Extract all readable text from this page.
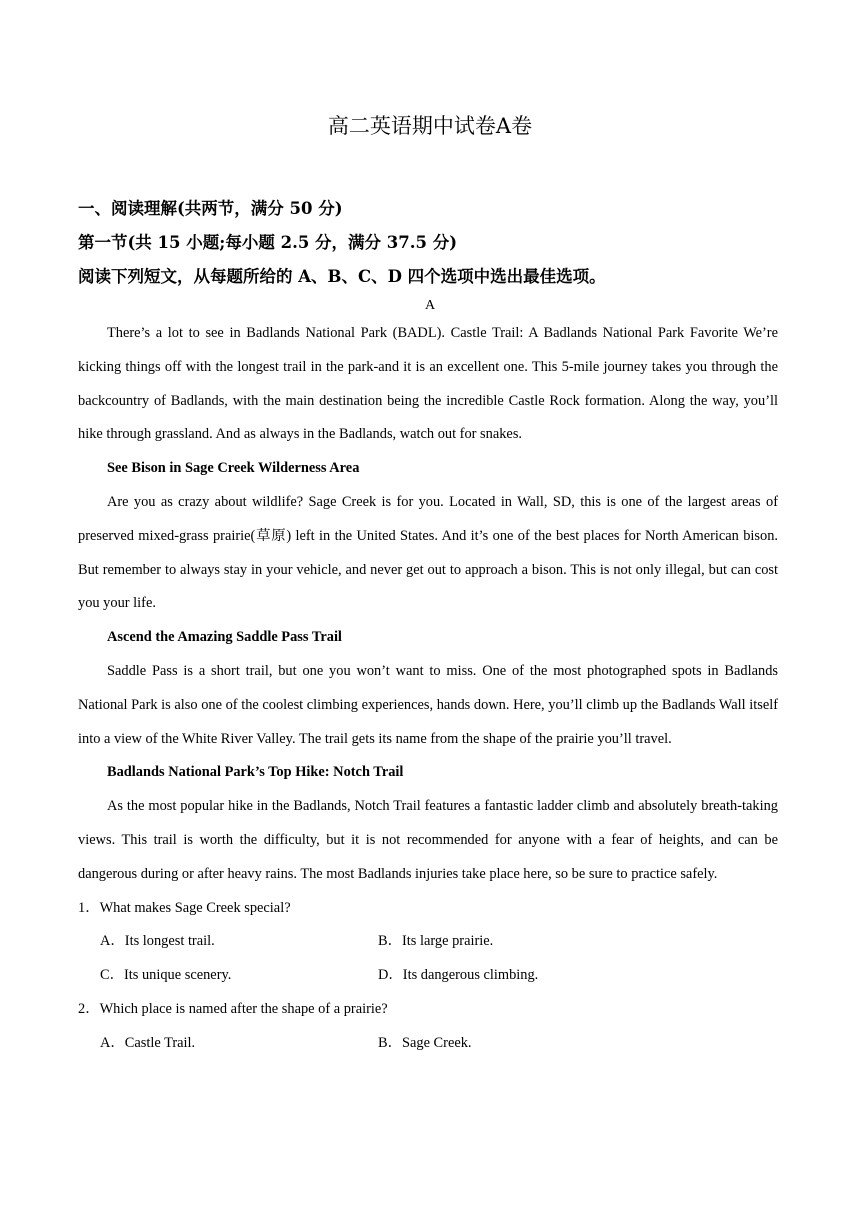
高二英语期中试卷A卷
一、阅读理解(共两节，满分 50 分)
第一节(共 15 小题;每小题 2.5 分，满分 37.5 分)
阅读下列短文，从每题所给的 A、B、C、D 四个选项中选出最佳选项。
A

There’s a lot to see in Badlands National Park (BADL). Castle Trail: A Badlands National Park Favorite We’re kicking things off with the longest trail in the park-and it is an excellent one. This 5-mile journey takes you through the backcountry of Badlands, with the main destination being the incredible Castle Rock formation. Along the way, you’ll hike through grassland. And as always in the Badlands, watch out for snakes.

See Bison in Sage Creek Wilderness Area

Are you as crazy about wildlife? Sage Creek is for you. Located in Wall, SD, this is one of the largest areas of preserved mixed-grass prairie(草原) left in the United States. And it’s one of the best places for North American bison. But remember to always stay in your vehicle, and never get out to approach a bison. This is not only illegal, but can cost you your life.

Ascend the Amazing Saddle Pass Trail

Saddle Pass is a short trail, but one you won’t want to miss. One of the most photographed spots in Badlands National Park is also one of the coolest climbing experiences, hands down. Here, you’ll climb up the Badlands Wall itself into a view of the White River Valley. The trail gets its name from the shape of the prairie you’ll travel.

Badlands National Park’s Top Hike: Notch Trail

As the most popular hike in the Badlands, Notch Trail features a fantastic ladder climb and absolutely breath-taking views. This trail is worth the difficulty, but it is not recommended for anyone with a fear of heights, and can be dangerous during or after heavy rains. The most Badlands injuries take place here, so be sure to practice safely.

1．What makes Sage Creek special?
A．Its longest trail.	B．Its large prairie.
C．Its unique scenery.	D．Its dangerous climbing.
2．Which place is named after the shape of a prairie?
A．Castle Trail.	B．Sage Creek.
